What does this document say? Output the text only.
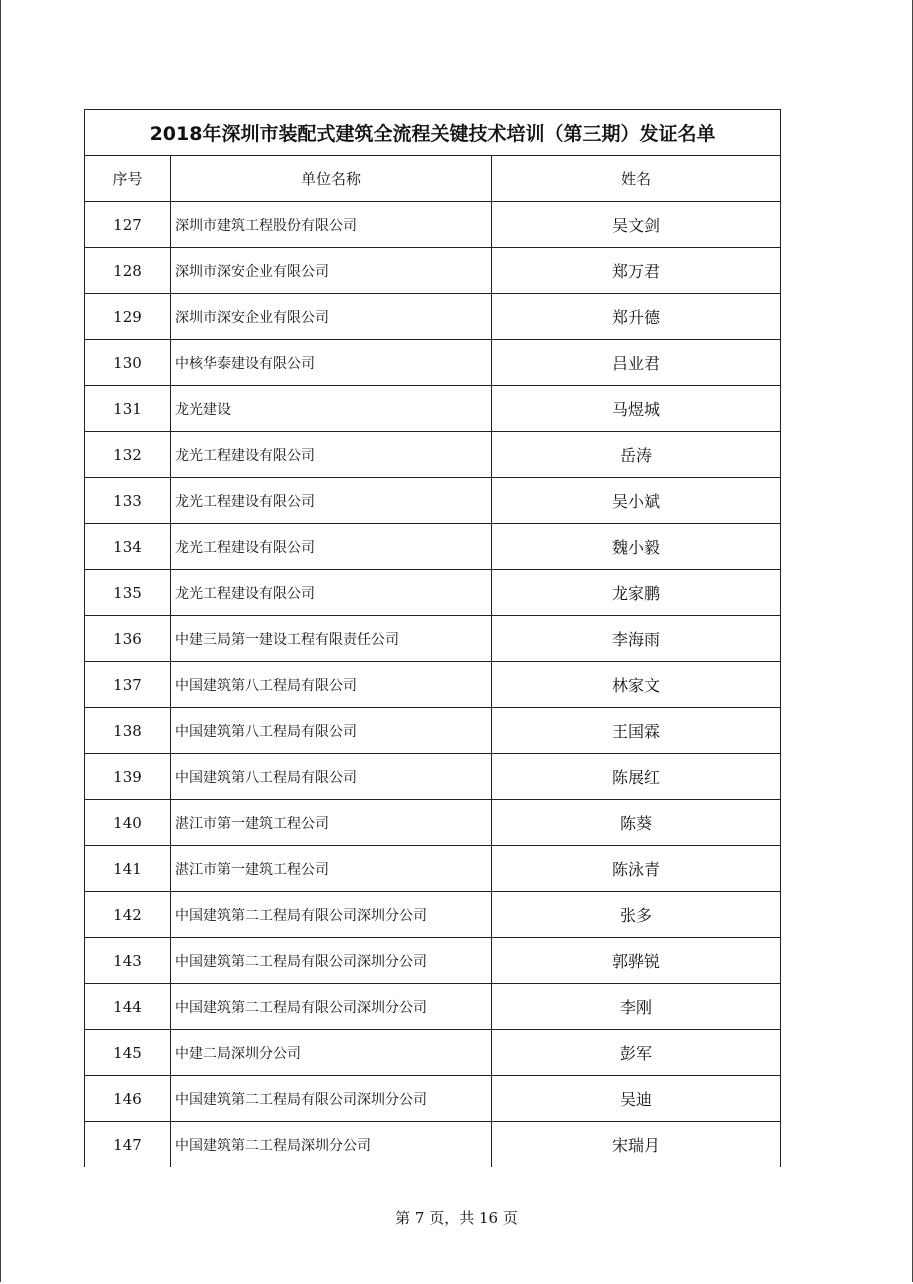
2018年深圳市装配式建筑全流程关键技术培训（第三期）发证名单		
序号	单位名称	姓名
127	深圳市建筑工程股份有限公司	吴文剑
128	深圳市深安企业有限公司	郑万君
129	深圳市深安企业有限公司	郑升德
130	中核华泰建设有限公司	吕业君
131	龙光建设	马煜城
132	龙光工程建设有限公司	岳涛
133	龙光工程建设有限公司	吴小斌
134	龙光工程建设有限公司	魏小毅
135	龙光工程建设有限公司	龙家鹏
136	中建三局第一建设工程有限责任公司	李海雨
137	中国建筑第八工程局有限公司	林家文
138	中国建筑第八工程局有限公司	王国霖
139	中国建筑第八工程局有限公司	陈展红
140	湛江市第一建筑工程公司	陈葵
141	湛江市第一建筑工程公司	陈泳青
142	中国建筑第二工程局有限公司深圳分公司	张多
143	中国建筑第二工程局有限公司深圳分公司	郭骅锐
144	中国建筑第二工程局有限公司深圳分公司	李刚
145	中建二局深圳分公司	彭军
146	中国建筑第二工程局有限公司深圳分公司	吴迪
147	中国建筑第二工程局深圳分公司	宋瑞月
第 7 页，共 16 页
